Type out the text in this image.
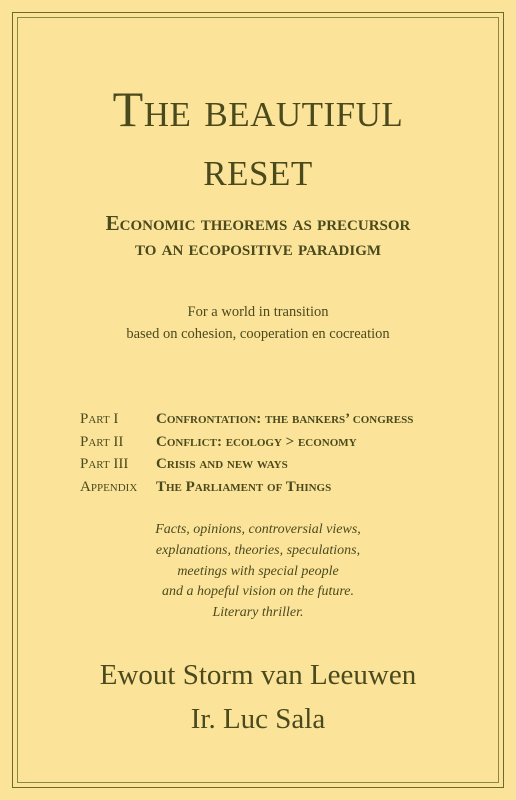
The beautiful
reset
Economic theorems as precursor
to an ecopositive paradigm
For a world in transition
based on cohesion, cooperation en cocreation
Part I	Confrontation: the bankers’ congress
Part II Conflict: ecology > economy
Part III Crisis and new ways
Appendix The Parliament of Things
Facts, opinions, controversial views,
explanations, theories, speculations,
meetings with special people
and a hopeful vision on the future.
Literary thriller.
Ewout Storm van Leeuwen
Ir. Luc Sala
